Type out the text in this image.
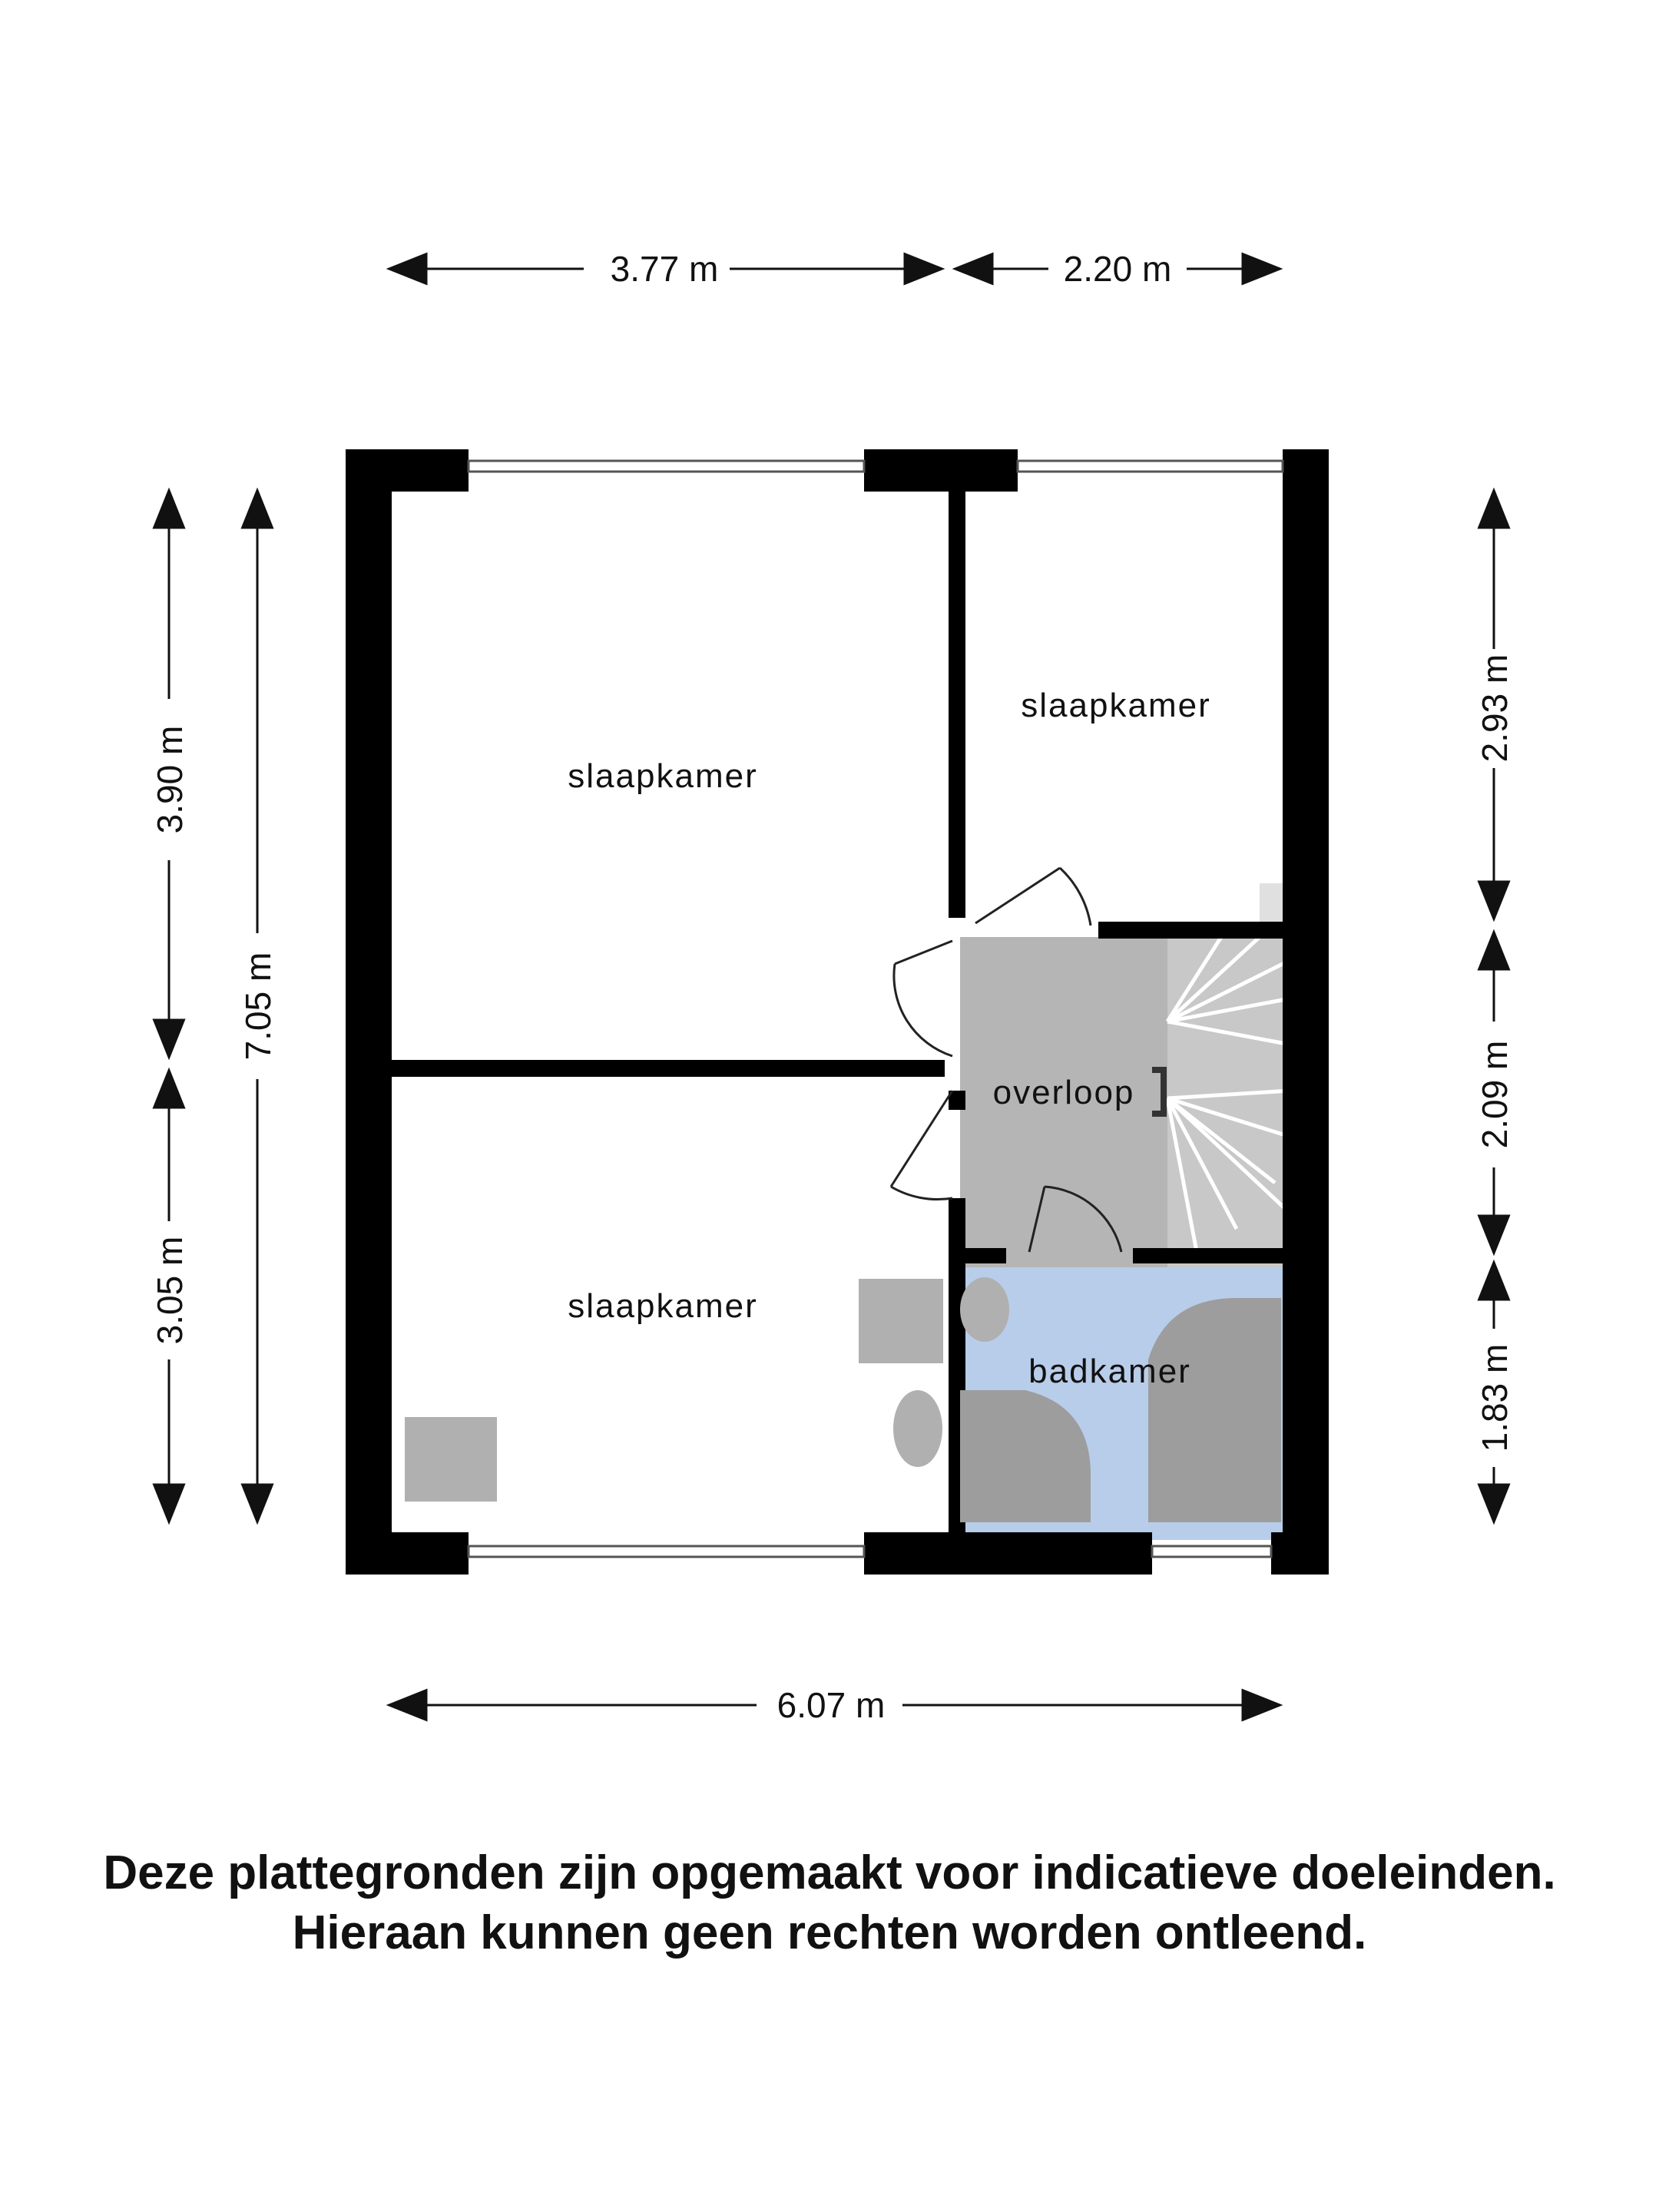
3.77 m	2.20 m
6.07 m
3.90 m
3.05 m
7.05 m
2.93 m
2.09 m
1.83 m
slaapkamer
slaapkamer
slaapkamer
overloop
badkamer
Deze plattegronden zijn opgemaakt voor indicatieve doeleinden.
Hieraan kunnen geen rechten worden ontleend.
